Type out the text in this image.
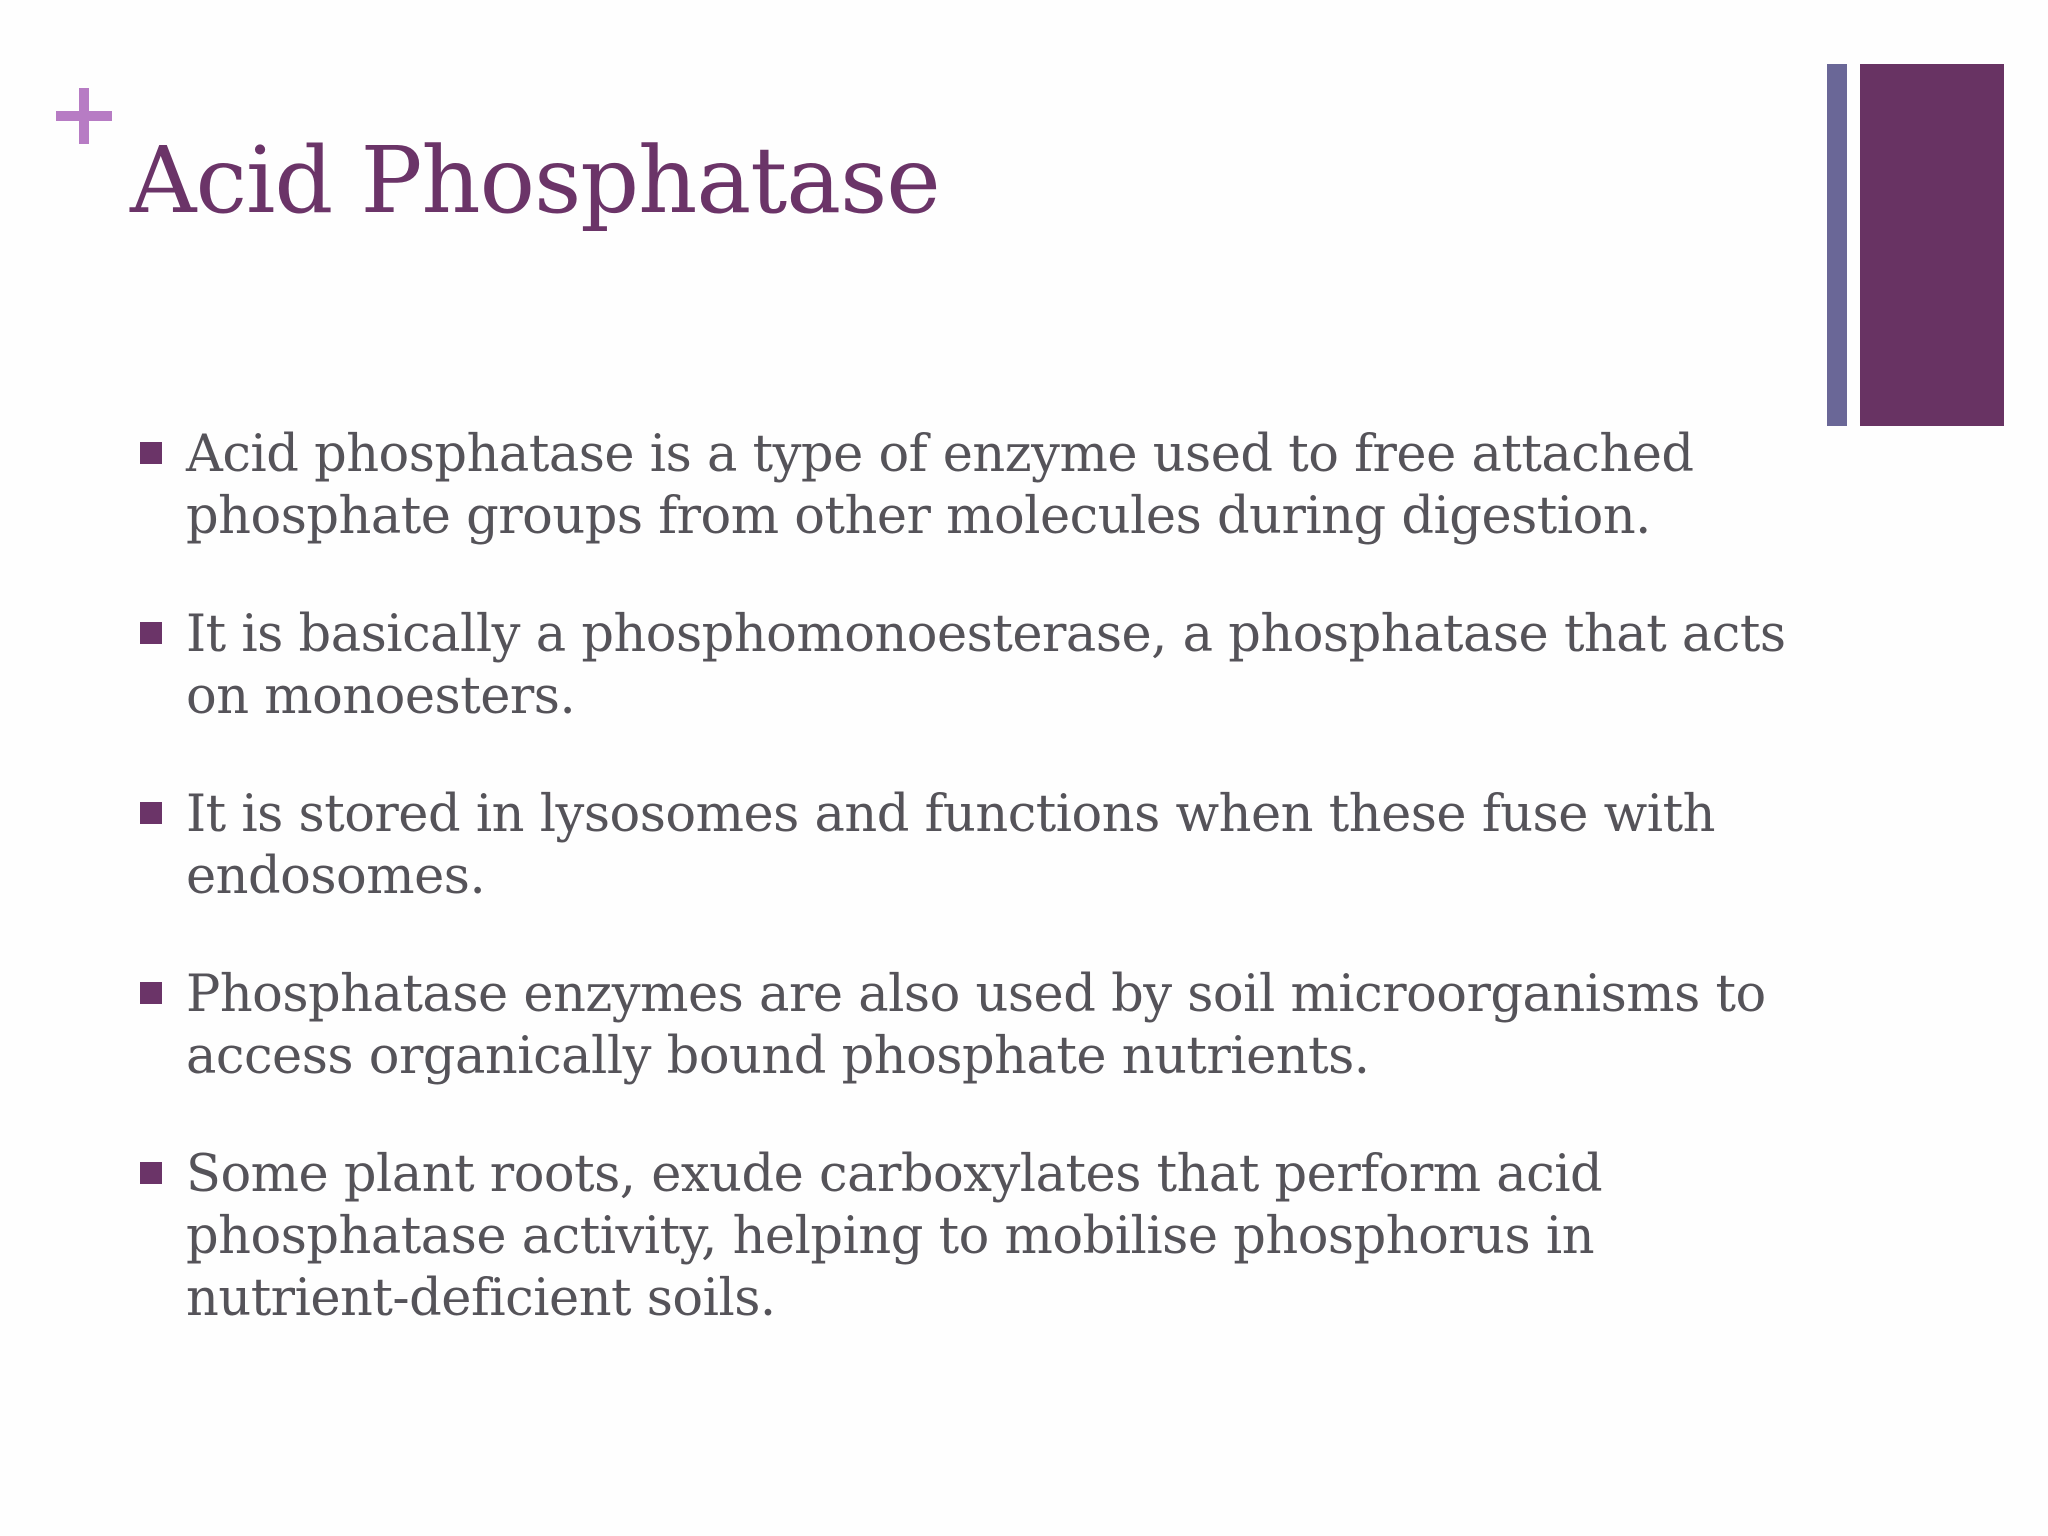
Acid Phosphatase
Acid phosphatase is a type of enzyme used to free attached phosphate groups from other molecules during digestion.
It is basically a phosphomonoesterase, a phosphatase that acts on monoesters.
It is stored in lysosomes and functions when these fuse with endosomes.
Phosphatase enzymes are also used by soil microorganisms to access organically bound phosphate nutrients.
Some plant roots, exude carboxylates that perform acid phosphatase activity, helping to mobilise phosphorus in nutrient-deficient soils.
